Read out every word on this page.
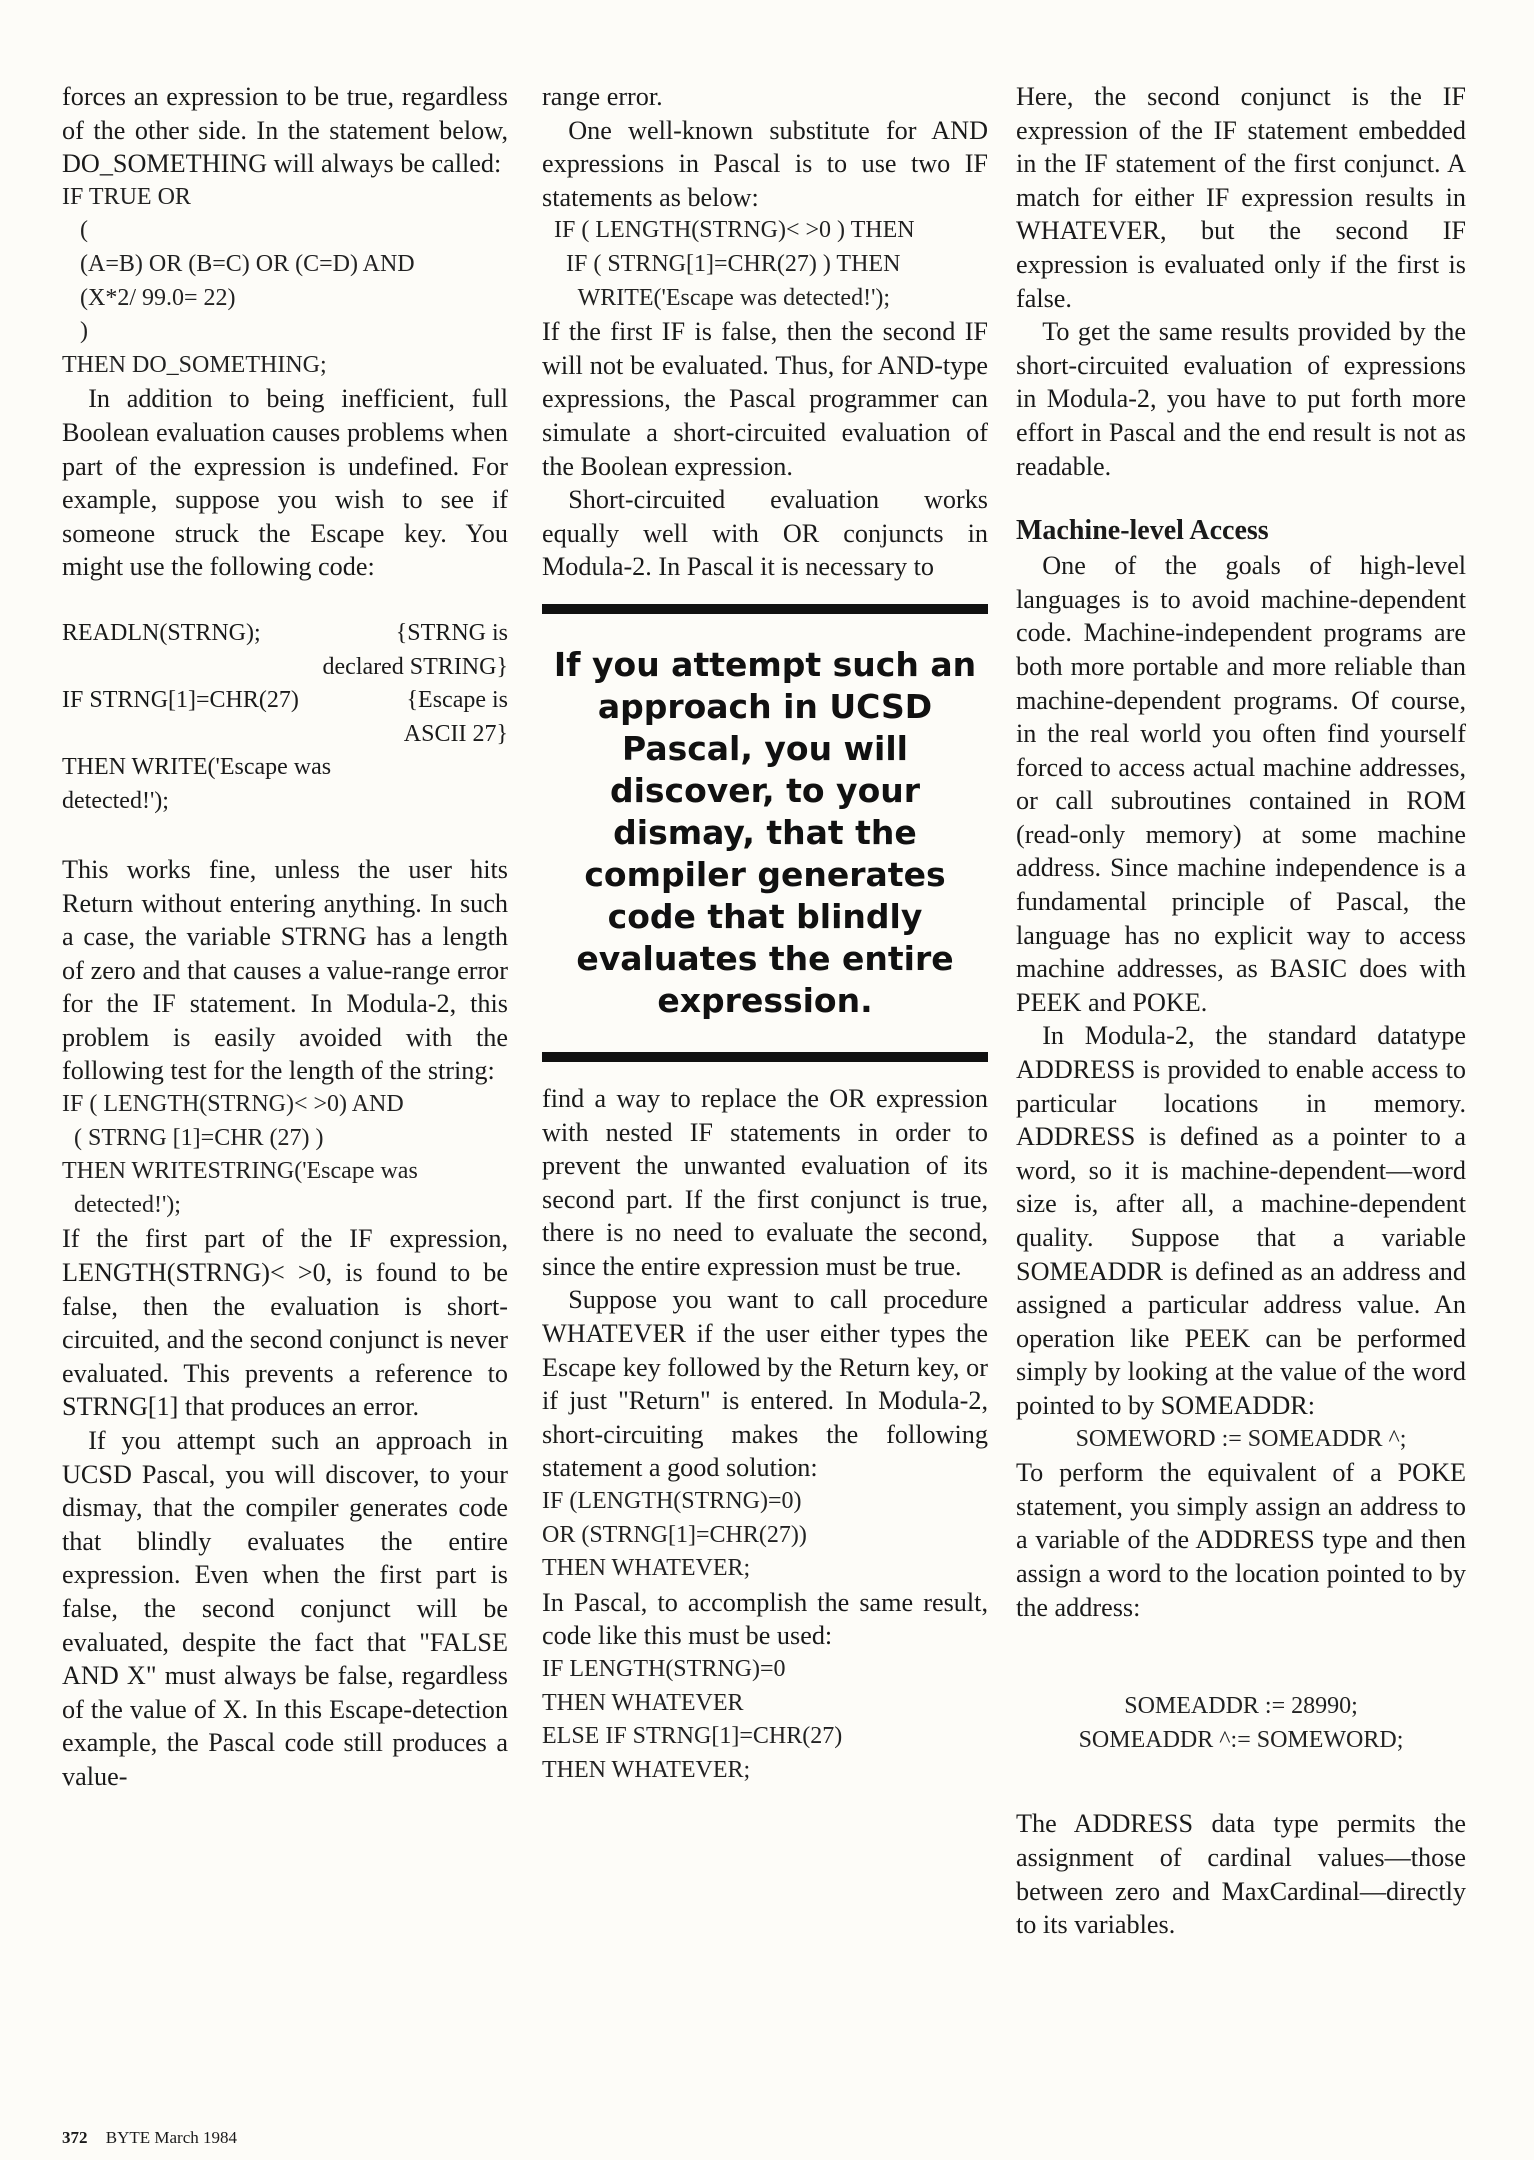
forces an expression to be true, regardless of the other side. In the statement below, DO_SOMETHING will always be called:

IF TRUE OR
(
(A=B) OR (B=C) OR (C=D) AND
(X*2/ 99.0= 22)
)
THEN DO_SOMETHING;

In addition to being inefficient, full Boolean evaluation causes problems when part of the expression is undefined. For example, suppose you wish to see if someone struck the Escape key. You might use the following code:

READLN(STRNG);	{STRNG is
declared STRING}
IF STRNG[1]=CHR(27)	{Escape is
ASCII 27}
THEN WRITE('Escape was
detected!');

This works fine, unless the user hits Return without entering anything. In such a case, the variable STRNG has a length of zero and that causes a value-range error for the IF statement. In Modula-2, this problem is easily avoided with the following test for the length of the string:

IF ( LENGTH(STRNG)< >0) AND
( STRNG [1]=CHR (27) )
THEN WRITESTRING('Escape was
detected!');

If the first part of the IF expression, LENGTH(STRNG)< >0, is found to be false, then the evaluation is short-circuited, and the second conjunct is never evaluated. This prevents a reference to STRNG[1] that produces an error.

If you attempt such an approach in UCSD Pascal, you will discover, to your dismay, that the compiler generates code that blindly evaluates the entire expression. Even when the first part is false, the second conjunct will be evaluated, despite the fact that "FALSE AND X" must always be false, regardless of the value of X. In this Escape-detection example, the Pascal code still produces a value-

range error.

One well-known substitute for AND expressions in Pascal is to use two IF statements as below:

IF ( LENGTH(STRNG)< >0 ) THEN
IF ( STRNG[1]=CHR(27) ) THEN
WRITE('Escape was detected!');

If the first IF is false, then the second IF will not be evaluated. Thus, for AND-type expressions, the Pascal programmer can simulate a short-circuited evaluation of the Boolean expression.

Short-circuited evaluation works equally well with OR conjuncts in Modula-2. In Pascal it is necessary to

If you attempt such an approach in UCSD Pascal, you will discover, to your dismay, that the compiler generates code that blindly evaluates the entire expression.

find a way to replace the OR expression with nested IF statements in order to prevent the unwanted evaluation of its second part. If the first conjunct is true, there is no need to evaluate the second, since the entire expression must be true.

Suppose you want to call procedure WHATEVER if the user either types the Escape key followed by the Return key, or if just "Return" is entered. In Modula-2, short-circuiting makes the following statement a good solution:

IF (LENGTH(STRNG)=0)
OR (STRNG[1]=CHR(27))
THEN WHATEVER;

In Pascal, to accomplish the same result, code like this must be used:

IF LENGTH(STRNG)=0
THEN WHATEVER
ELSE IF STRNG[1]=CHR(27)
THEN WHATEVER;

Here, the second conjunct is the IF expression of the IF statement embedded in the IF statement of the first conjunct. A match for either IF expression results in WHATEVER, but the second IF expression is evaluated only if the first is false.

To get the same results provided by the short-circuited evaluation of expressions in Modula-2, you have to put forth more effort in Pascal and the end result is not as readable.

Machine-level Access

One of the goals of high-level languages is to avoid machine-dependent code. Machine-independent programs are both more portable and more reliable than machine-dependent programs. Of course, in the real world you often find yourself forced to access actual machine addresses, or call subroutines contained in ROM (read-only memory) at some machine address. Since machine independence is a fundamental principle of Pascal, the language has no explicit way to access machine addresses, as BASIC does with PEEK and POKE.

In Modula-2, the standard datatype ADDRESS is provided to enable access to particular locations in memory. ADDRESS is defined as a pointer to a word, so it is machine-dependent—word size is, after all, a machine-dependent quality. Suppose that a variable SOMEADDR is defined as an address and assigned a particular address value. An operation like PEEK can be performed simply by looking at the value of the word pointed to by SOMEADDR:

SOMEWORD := SOMEADDR ^;

To perform the equivalent of a POKE statement, you simply assign an address to a variable of the ADDRESS type and then assign a word to the location pointed to by the address:

SOMEADDR := 28990;
SOMEADDR ^:= SOMEWORD;

The ADDRESS data type permits the assignment of cardinal values—those between zero and MaxCardinal—directly to its variables.

372 BYTE March 1984
